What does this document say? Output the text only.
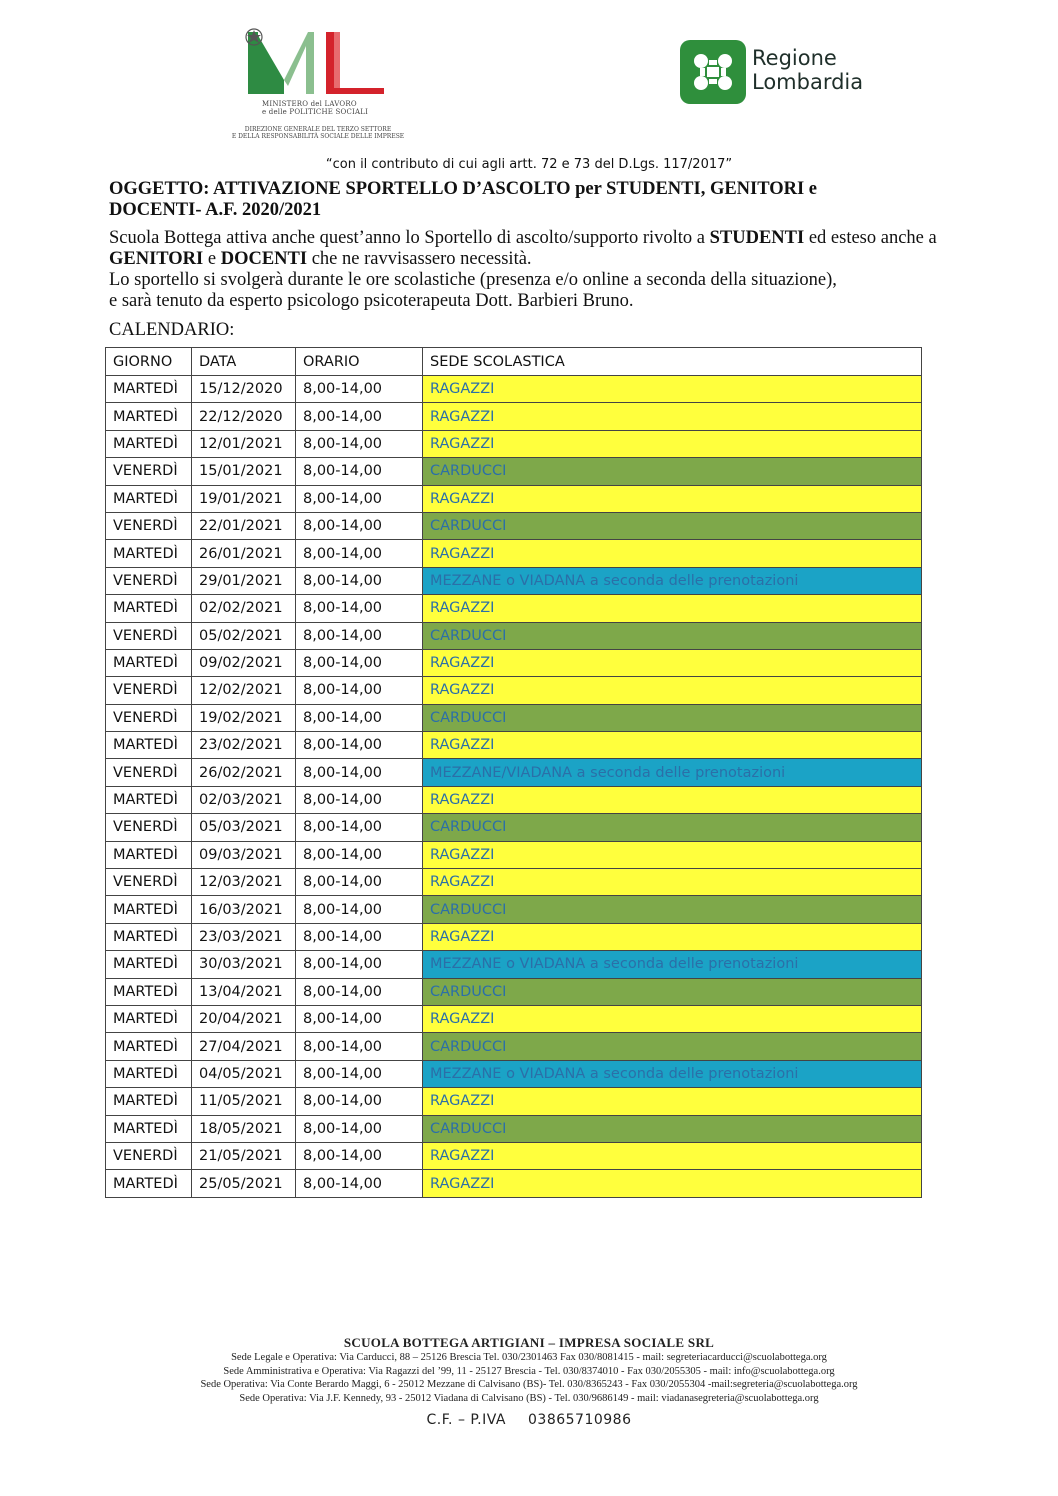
MINISTERO del LAVORO
e delle POLITICHE SOCIALI
DIREZIONE GENERALE DEL TERZO SETTORE
E DELLA RESPONSABILITÀ SOCIALE DELLE IMPRESE
Regione
Lombardia
“con il contributo di cui agli artt. 72 e 73 del D.Lgs. 117/2017”
OGGETTO: ATTIVAZIONE SPORTELLO D’ASCOLTO per STUDENTI, GENITORI e
DOCENTI- A.F. 2020/2021
Scuola Bottega attiva anche quest’anno lo Sportello di ascolto/supporto rivolto a STUDENTI ed esteso anche a GENITORI e DOCENTI che ne ravvisassero necessità.
Lo sportello si svolgerà durante le ore scolastiche (presenza e/o online a seconda della situazione),
e sarà tenuto da esperto psicologo psicoterapeuta Dott. Barbieri Bruno.
CALENDARIO:
GIORNO	DATA	ORARIO	SEDE SCOLASTICA
MARTEDÌ	15/12/2020	8,00-14,00	RAGAZZI
MARTEDÌ	22/12/2020	8,00-14,00	RAGAZZI
MARTEDÌ	12/01/2021	8,00-14,00	RAGAZZI
VENERDÌ	15/01/2021	8,00-14,00	CARDUCCI
MARTEDÌ	19/01/2021	8,00-14,00	RAGAZZI
VENERDÌ	22/01/2021	8,00-14,00	CARDUCCI
MARTEDÌ	26/01/2021	8,00-14,00	RAGAZZI
VENERDÌ	29/01/2021	8,00-14,00	MEZZANE o VIADANA a seconda delle prenotazioni
MARTEDÌ	02/02/2021	8,00-14,00	RAGAZZI
VENERDÌ	05/02/2021	8,00-14,00	CARDUCCI
MARTEDÌ	09/02/2021	8,00-14,00	RAGAZZI
VENERDÌ	12/02/2021	8,00-14,00	RAGAZZI
VENERDÌ	19/02/2021	8,00-14,00	CARDUCCI
MARTEDÌ	23/02/2021	8,00-14,00	RAGAZZI
VENERDÌ	26/02/2021	8,00-14,00	MEZZANE/VIADANA a seconda delle prenotazioni
MARTEDÌ	02/03/2021	8,00-14,00	RAGAZZI
VENERDÌ	05/03/2021	8,00-14,00	CARDUCCI
MARTEDÌ	09/03/2021	8,00-14,00	RAGAZZI
VENERDÌ	12/03/2021	8,00-14,00	RAGAZZI
MARTEDÌ	16/03/2021	8,00-14,00	CARDUCCI
MARTEDÌ	23/03/2021	8,00-14,00	RAGAZZI
MARTEDÌ	30/03/2021	8,00-14,00	MEZZANE o VIADANA a seconda delle prenotazioni
MARTEDÌ	13/04/2021	8,00-14,00	CARDUCCI
MARTEDÌ	20/04/2021	8,00-14,00	RAGAZZI
MARTEDÌ	27/04/2021	8,00-14,00	CARDUCCI
MARTEDÌ	04/05/2021	8,00-14,00	MEZZANE o VIADANA a seconda delle prenotazioni
MARTEDÌ	11/05/2021	8,00-14,00	RAGAZZI
MARTEDÌ	18/05/2021	8,00-14,00	CARDUCCI
VENERDÌ	21/05/2021	8,00-14,00	RAGAZZI
MARTEDÌ	25/05/2021	8,00-14,00	RAGAZZI
SCUOLA BOTTEGA ARTIGIANI – IMPRESA SOCIALE SRL
Sede Legale e Operativa: Via Carducci, 88 – 25126 Brescia Tel. 030/2301463 Fax 030/8081415 - mail: segreteriacarducci@scuolabottega.org
Sede Amministrativa e Operativa: Via Ragazzi del ’99, 11 - 25127 Brescia - Tel. 030/8374010 - Fax 030/2055305 - mail: info@scuolabottega.org
Sede Operativa: Via Conte Berardo Maggi, 6 - 25012 Mezzane di Calvisano (BS)- Tel. 030/8365243 - Fax 030/2055304 -mail:segreteria@scuolabottega.org
Sede Operativa: Via J.F. Kennedy, 93 - 25012 Viadana di Calvisano (BS) - Tel. 030/9686149 - mail: viadanasegreteria@scuolabottega.org
C.F. – P.IVA 03865710986
